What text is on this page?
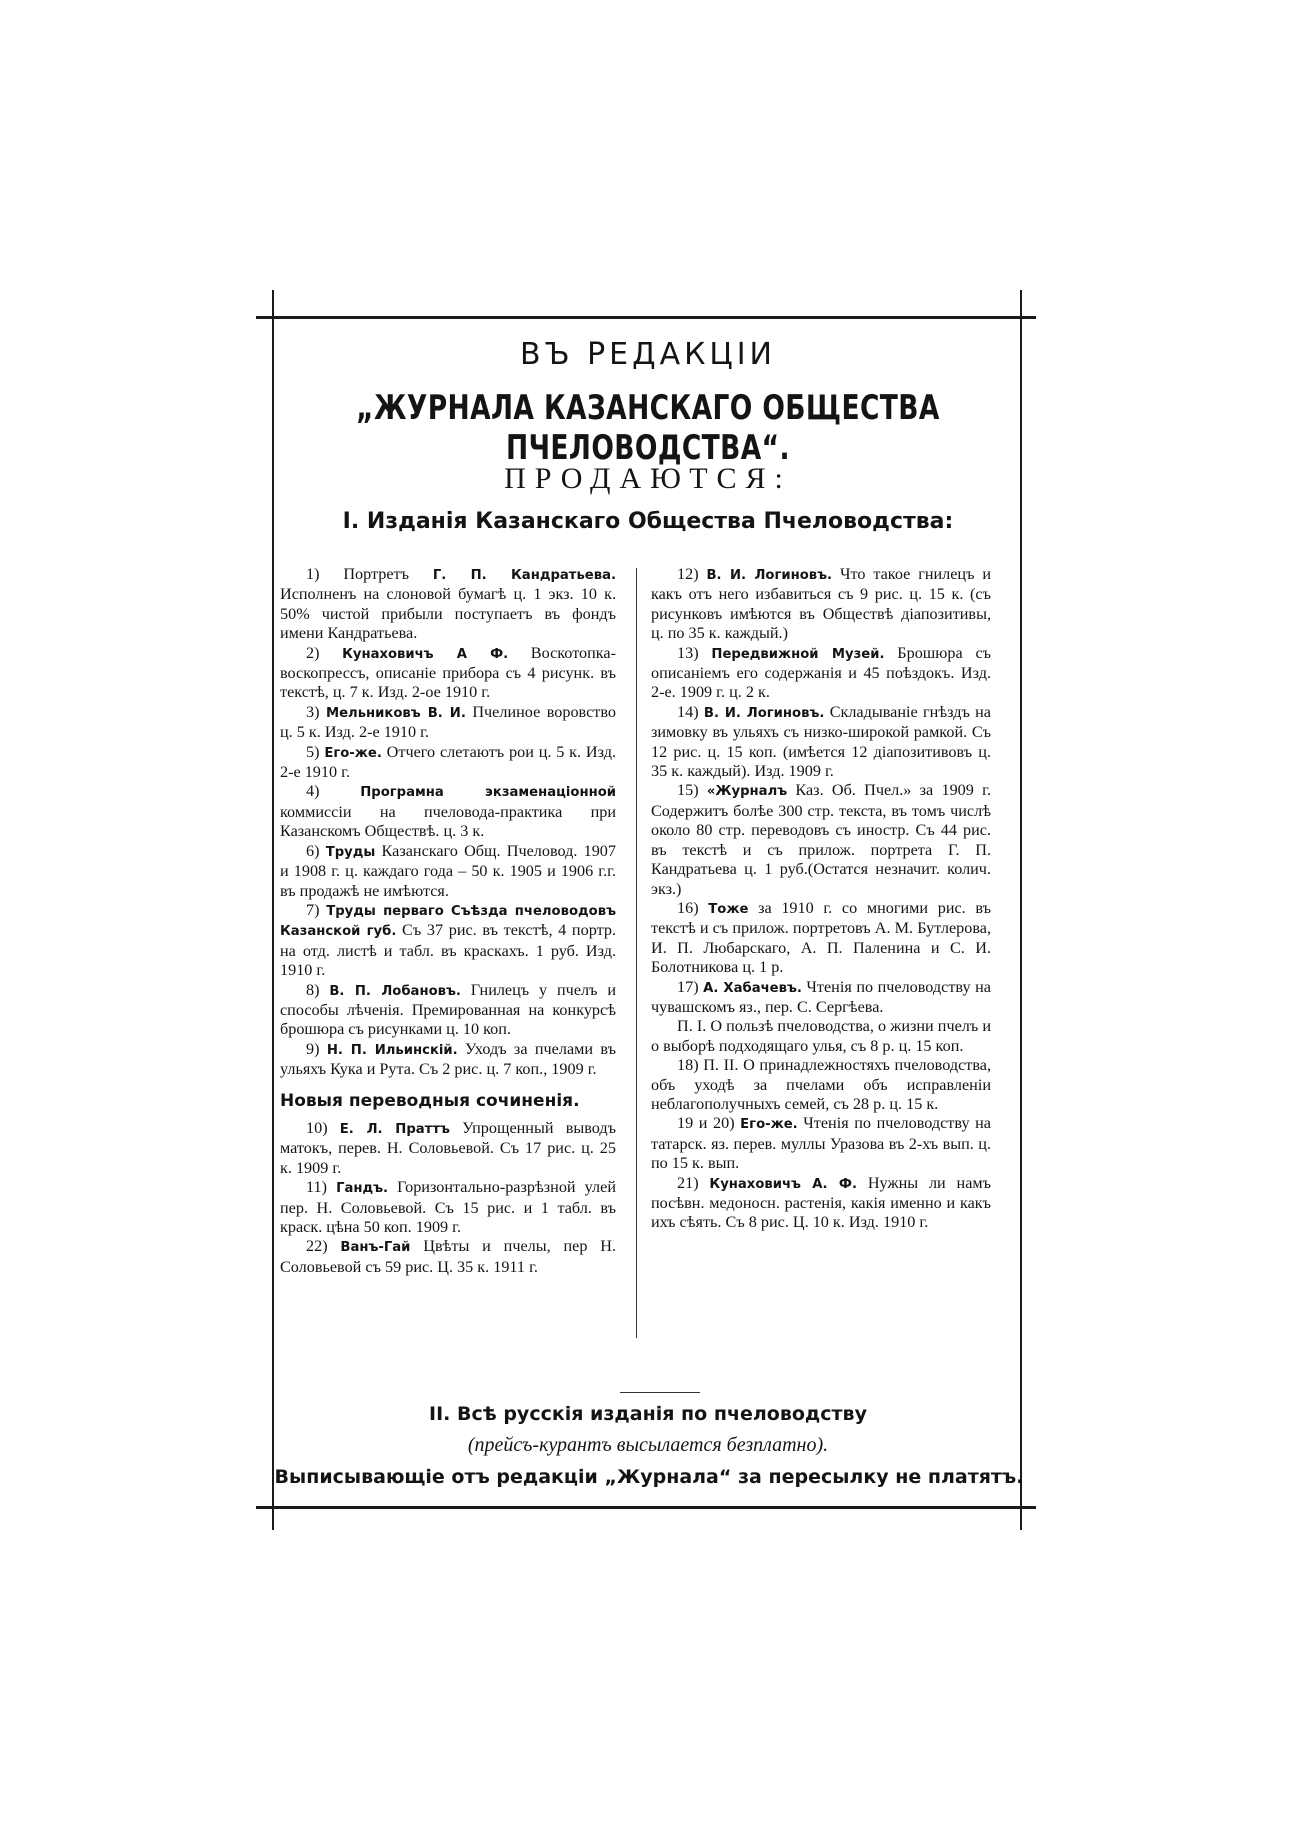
ВЪ РЕДАКЦІИ
„ЖУРНАЛА КАЗАНСКАГО ОБЩЕСТВА ПЧЕЛОВОДСТВА“.
ПРОДАЮТСЯ:
I. Изданія Казанскаго Общества Пчеловодства:

1) Портретъ Г. П. Кандратьева. Исполненъ на слоновой бумагѣ ц. 1 экз. 10 к. 50% чистой прибыли поступаетъ въ фондъ имени Кандратьева.

2) Кунаховичъ А Ф. Воскотопка-воскопрессъ, описаніе прибора съ 4 рисунк. въ текстѣ, ц. 7 к. Изд. 2-ое 1910 г.

3) Мельниковъ В. И. Пчелиное воровство ц. 5 к. Изд. 2-е 1910 г.

5) Его-же. Отчего слетаютъ рои ц. 5 к. Изд. 2-е 1910 г.

4) Програмна экзаменаціонной коммиссіи на пчеловода-практика при Казанскомъ Обществѣ. ц. 3 к.

6) Труды Казанскаго Общ. Пчеловод. 1907 и 1908 г. ц. каждаго года – 50 к. 1905 и 1906 г.г. въ продажѣ не имѣются.

7) Труды перваго Съѣзда пчеловодовъ Казанской губ. Съ 37 рис. въ текстѣ, 4 портр. на отд. листѣ и табл. въ краскахъ. 1 руб. Изд. 1910 г.

8) В. П. Лобановъ. Гнилецъ у пчелъ и способы лѣченія. Премированная на конкурсѣ брошюра съ рисунками ц. 10 коп.

9) Н. П. Ильинскій. Уходъ за пчелами въ ульяхъ Кука и Рута. Съ 2 рис. ц. 7 коп., 1909 г.

Новыя переводныя сочиненія.

10) Е. Л. Праттъ Упрощенный выводъ матокъ, перев. Н. Соловьевой. Съ 17 рис. ц. 25 к. 1909 г.

11) Гандъ. Горизонтально-разрѣзной улей пер. Н. Соловьевой. Съ 15 рис. и 1 табл. въ краск. цѣна 50 коп. 1909 г.

22) Ванъ-Гай Цвѣты и пчелы, пер Н. Соловьевой съ 59 рис. Ц. 35 к. 1911 г.

12) В. И. Логиновъ. Что такое гнилецъ и какъ отъ него избавиться съ 9 рис. ц. 15 к. (съ рисунковъ имѣются въ Обществѣ діапозитивы, ц. по 35 к. каждый.)

13) Передвижной Музей. Брошюра съ описаніемъ его содержанія и 45 поѣздокъ. Изд. 2-е. 1909 г. ц. 2 к.

14) В. И. Логиновъ. Складываніе гнѣздъ на зимовку въ ульяхъ съ низко-широкой рамкой. Съ 12 рис. ц. 15 коп. (имѣется 12 діапозитивовъ ц. 35 к. каждый). Изд. 1909 г.

15) «Журналъ Каз. Об. Пчел.» за 1909 г. Содержитъ болѣе 300 стр. текста, въ томъ числѣ около 80 стр. переводовъ съ иностр. Съ 44 рис. въ текстѣ и съ прилож. портрета Г. П. Кандратьева ц. 1 руб.(Остатся незначит. колич. экз.)

16) Тоже за 1910 г. со многими рис. въ текстѣ и съ прилож. портретовъ А. М. Бутлерова, И. П. Любарскаго, А. П. Паленина и С. И. Болотникова ц. 1 р.

17) А. Хабачевъ. Чтенія по пчеловодству на чувашскомъ яз., пер. С. Сергѣева.

П. I. О пользѣ пчеловодства, о жизни пчелъ и о выборѣ подходящаго улья, съ 8 р. ц. 15 коп.

18) П. II. О принадлежностяхъ пчеловодства, объ уходѣ за пчелами объ исправленіи неблагополучныхъ семей, съ 28 р. ц. 15 к.

19 и 20) Его-же. Чтенія по пчеловодству на татарск. яз. перев. муллы Уразова въ 2-хъ вып. ц. по 15 к. вып.

21) Кунаховичъ А. Ф. Нужны ли намъ посѣвн. медоносн. растенія, какія именно и какъ ихъ сѣять. Съ 8 рис. Ц. 10 к. Изд. 1910 г.

II. Всѣ русскія изданія по пчеловодству
(прейсъ-курантъ высылается безплатно).
Выписывающіе отъ редакціи „Журнала“ за пересылку не платятъ.
